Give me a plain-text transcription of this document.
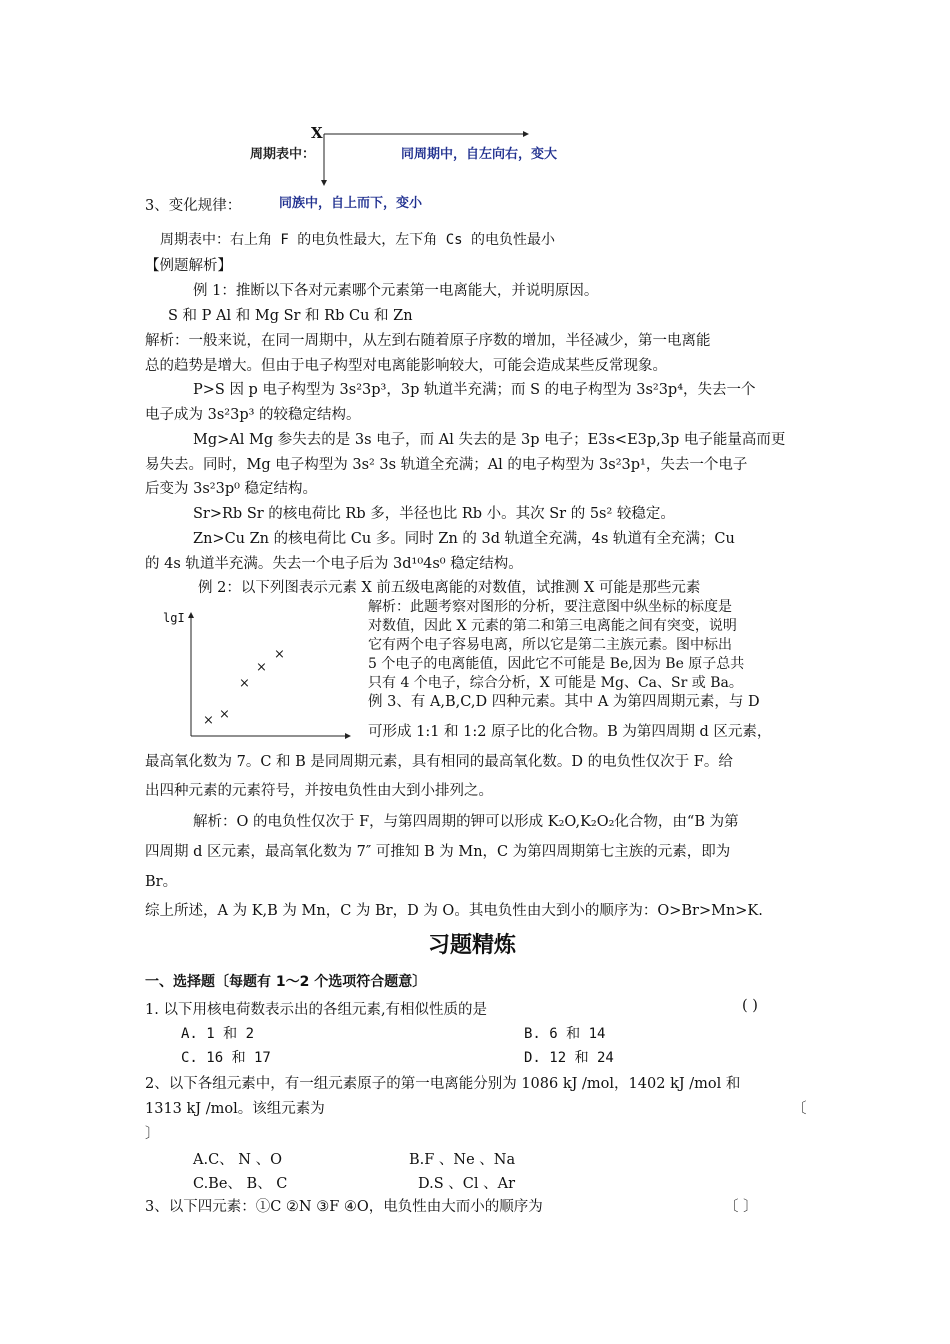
X
周期表中：	同周期中，自左向右，变大
同族中，自上而下，变小
3、变化规律：
周期表中：右上角 F 的电负性最大，左下角 Cs 的电负性最小
【例题解析】
例 1：推断以下各对元素哪个元素第一电离能大，并说明原因。
S 和 P Al 和 Mg Sr 和 Rb Cu 和 Zn
解析：一般来说，在同一周期中，从左到右随着原子序数的增加，半径减少，第一电离能
总的趋势是增大。但由于电子构型对电离能影响较大，可能会造成某些反常现象。
P>S 因 p 电子构型为 3s²3p³，3p 轨道半充满；而 S 的电子构型为 3s²3p⁴，失去一个
电子成为 3s²3p³ 的较稳定结构。
Mg>Al Mg 参失去的是 3s 电子，而 Al 失去的是 3p 电子；E3s<E3p,3p 电子能量高而更
易失去。同时，Mg 电子构型为 3s² 3s 轨道全充满；Al 的电子构型为 3s²3p¹，失去一个电子
后变为 3s²3p⁰ 稳定结构。
Sr>Rb Sr 的核电荷比 Rb 多，半径也比 Rb 小。其次 Sr 的 5s² 较稳定。
Zn>Cu Zn 的核电荷比 Cu 多。同时 Zn 的 3d 轨道全充满，4s 轨道有全充满；Cu
的 4s 轨道半充满。失去一个电子后为 3d¹⁰4s⁰ 稳定结构。
例 2：以下列图表示元素 X 前五级电离能的对数值，试推测 X 可能是那些元素
lgI
× ×
×
×
×
解析：此题考察对图形的分析，要注意图中纵坐标的标度是
对数值，因此 X 元素的第二和第三电离能之间有突变，说明
它有两个电子容易电离，所以它是第二主族元素。图中标出
5 个电子的电离能值，因此它不可能是 Be,因为 Be 原子总共
只有 4 个电子，综合分析，X 可能是 Mg、Ca、Sr 或 Ba。
例 3、有 A,B,C,D 四种元素。其中 A 为第四周期元素，与 D
可形成 1:1 和 1:2 原子比的化合物。B 为第四周期 d 区元素，
最高氧化数为 7。C 和 B 是同周期元素，具有相同的最高氧化数。D 的电负性仅次于 F。给
出四种元素的元素符号，并按电负性由大到小排列之。
解析：O 的电负性仅次于 F，与第四周期的钾可以形成 K₂O,K₂O₂化合物，由“B 为第
四周期 d 区元素，最高氧化数为 7″ 可推知 B 为 Mn，C 为第四周期第七主族的元素，即为
Br。
综上所述，A 为 K,B 为 Mn，C 为 Br，D 为 O。其电负性由大到小的顺序为：O>Br>Mn>K.
习题精炼
一、选择题〔每题有 1～2 个选项符合题意〕
1. 以下用核电荷数表示出的各组元素,有相似性质的是	( )
A. 1 和 2	B. 6 和 14
C. 16 和 17	D. 12 和 24
2、以下各组元素中，有一组元素原子的第一电离能分别为 1086 kJ /mol，1402 kJ /mol 和
1313 kJ /mol。该组元素为	〔
〕
A.C、 N 、O	B.F 、Ne 、Na
C.Be、 B、 C	D.S 、Cl 、Ar
3、以下四元素：①C ②N ③F ④O，电负性由大而小的顺序为	〔 〕
